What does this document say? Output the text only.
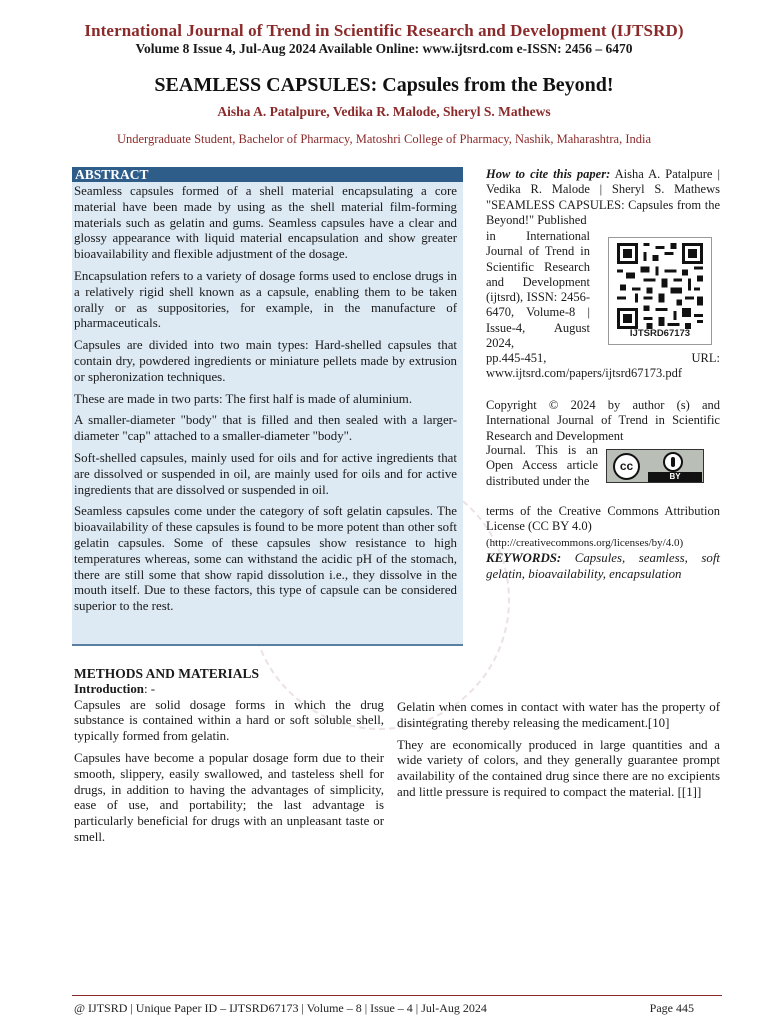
International Journal of Trend in Scientific Research and Development (IJTSRD)
Volume 8 Issue 4, Jul-Aug 2024 Available Online: www.ijtsrd.com e-ISSN: 2456 – 6470
SEAMLESS CAPSULES: Capsules from the Beyond!
Aisha A. Patalpure, Vedika R. Malode, Sheryl S. Mathews
Undergraduate Student, Bachelor of Pharmacy, Matoshri College of Pharmacy, Nashik, Maharashtra, India
ABSTRACT

Seamless capsules formed of a shell material encapsulating a core material have been made by using as the shell material film-forming materials such as gelatin and gums. Seamless capsules have a clear and glossy appearance with liquid material encapsulation and show greater bioavailability and flexible adjustment of the dosage.

Encapsulation refers to a variety of dosage forms used to enclose drugs in a relatively rigid shell known as a capsule, enabling them to be taken orally or as suppositories, for example, in the manufacture of pharmaceuticals.

Capsules are divided into two main types: Hard-shelled capsules that contain dry, powdered ingredients or miniature pellets made by extrusion or spheronization techniques.

These are made in two parts: The first half is made of aluminium.

A smaller-diameter "body" that is filled and then sealed with a larger-diameter "cap" attached to a smaller-diameter "body".

Soft-shelled capsules, mainly used for oils and for active ingredients that are dissolved or suspended in oil, are mainly used for oils and for active ingredients that are dissolved or suspended in oil.

Seamless capsules come under the category of soft gelatin capsules. The bioavailability of these capsules is found to be more potent than other soft gelatin capsules. Some of these capsules show resistance to high temperatures whereas, some can withstand the acidic pH of the stomach, there are still some that show rapid dissolution i.e., they dissolve in the mouth itself. Due to these factors, this type of capsule can be considered superior to the rest.

How to cite this paper: Aisha A. Patalpure | Vedika R. Malode | Sheryl S. Mathews "SEAMLESS CAPSULES: Capsules from the Beyond!" Published
in International Journal of Trend in Scientific Research and Development (ijtsrd), ISSN: 2456-6470, Volume-8 | Issue-4, August 2024,
IJTSRD67173
pp.445-451,	URL:
www.ijtsrd.com/papers/ijtsrd67173.pdf
Copyright © 2024 by author (s) and International Journal of Trend in Scientific Research and Development
Journal. This is an Open Access article distributed under the
cc
BY
terms of the Creative Commons Attribution License (CC BY 4.0)
(http://creativecommons.org/licenses/by/4.0)
KEYWORDS: Capsules, seamless, soft gelatin, bioavailability, encapsulation
METHODS AND MATERIALS
Introduction: -

Capsules are solid dosage forms in which the drug substance is contained within a hard or soft soluble shell, typically formed from gelatin.

Capsules have become a popular dosage form due to their smooth, slippery, easily swallowed, and tasteless shell for drugs, in addition to having the advantages of simplicity, ease of use, and portability; the last advantage is particularly beneficial for drugs with an unpleasant taste or smell.

Gelatin when comes in contact with water has the property of disintegrating thereby releasing the medicament.[10]

They are economically produced in large quantities and a wide variety of colors, and they generally guarantee prompt availability of the contained drug since there are no excipients and little pressure is required to compact the material. [[1]]

@ IJTSRD | Unique Paper ID – IJTSRD67173 | Volume – 8 | Issue – 4 | Jul-Aug 2024	Page 445
